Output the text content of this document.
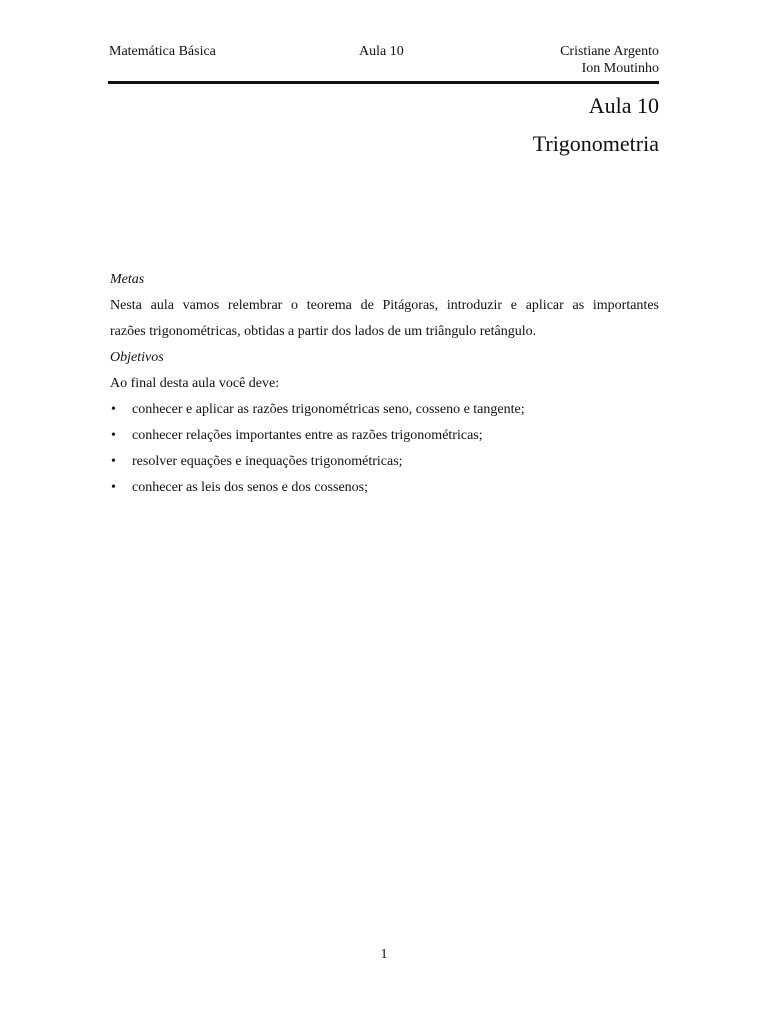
Matemática Básica	Aula 10	Cristiane Argento
Ion Moutinho
Aula 10
Trigonometria
Metas
Nesta aula vamos relembrar o teorema de Pitágoras, introduzir e aplicar as importantes
razões trigonométricas, obtidas a partir dos lados de um triângulo retângulo.
Objetivos
Ao final desta aula você deve:
• conhecer e aplicar as razões trigonométricas seno, cosseno e tangente;
• conhecer relações importantes entre as razões trigonométricas;
• resolver equações e inequações trigonométricas;
• conhecer as leis dos senos e dos cossenos;
1
